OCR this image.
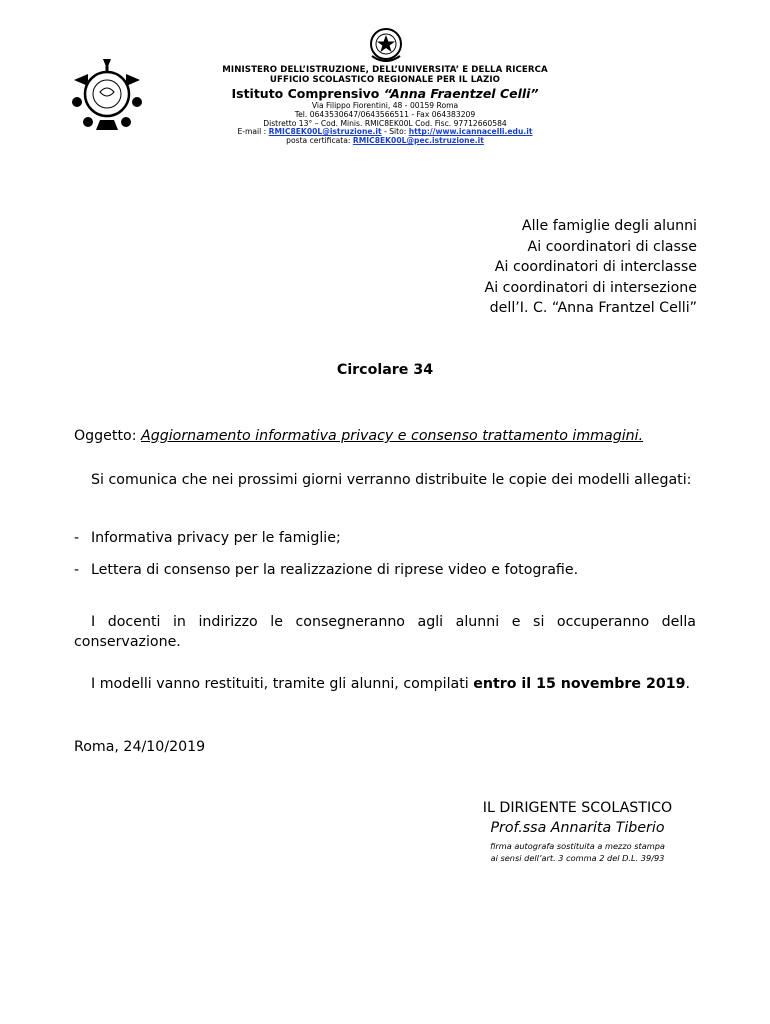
MINISTERO DELL’ISTRUZIONE, DELL’UNIVERSITA’ E DELLA RICERCA
UFFICIO SCOLASTICO REGIONALE PER IL LAZIO
Istituto Comprensivo “Anna Fraentzel Celli”
Via Filippo Fiorentini, 48 - 00159 Roma
Tel. 0643530647/0643566511 - Fax 064383209
Distretto 13° – Cod. Minis. RMIC8EK00L Cod. Fisc. 97712660584
E-mail : RMIC8EK00L@istruzione.it - Sito: http://www.icannacelli.edu.it
posta certificata: RMIC8EK00L@pec.istruzione.it
Alle famiglie degli alunni
Ai coordinatori di classe
Ai coordinatori di interclasse
Ai coordinatori di intersezione
dell’I. C. “Anna Frantzel Celli”
Circolare 34
Oggetto: Aggiornamento informativa privacy e consenso trattamento immagini.
Si comunica che nei prossimi giorni verranno distribuite le copie dei modelli allegati:
- Informativa privacy per le famiglie;
- Lettera di consenso per la realizzazione di riprese video e fotografie.
I docenti in indirizzo le consegneranno agli alunni e si occuperanno della conservazione.
I modelli vanno restituiti, tramite gli alunni, compilati entro il 15 novembre 2019.
Roma, 24/10/2019
IL DIRIGENTE SCOLASTICO
Prof.ssa Annarita Tiberio
firma autografa sostituita a mezzo stampa
ai sensi dell’art. 3 comma 2 del D.L. 39/93
